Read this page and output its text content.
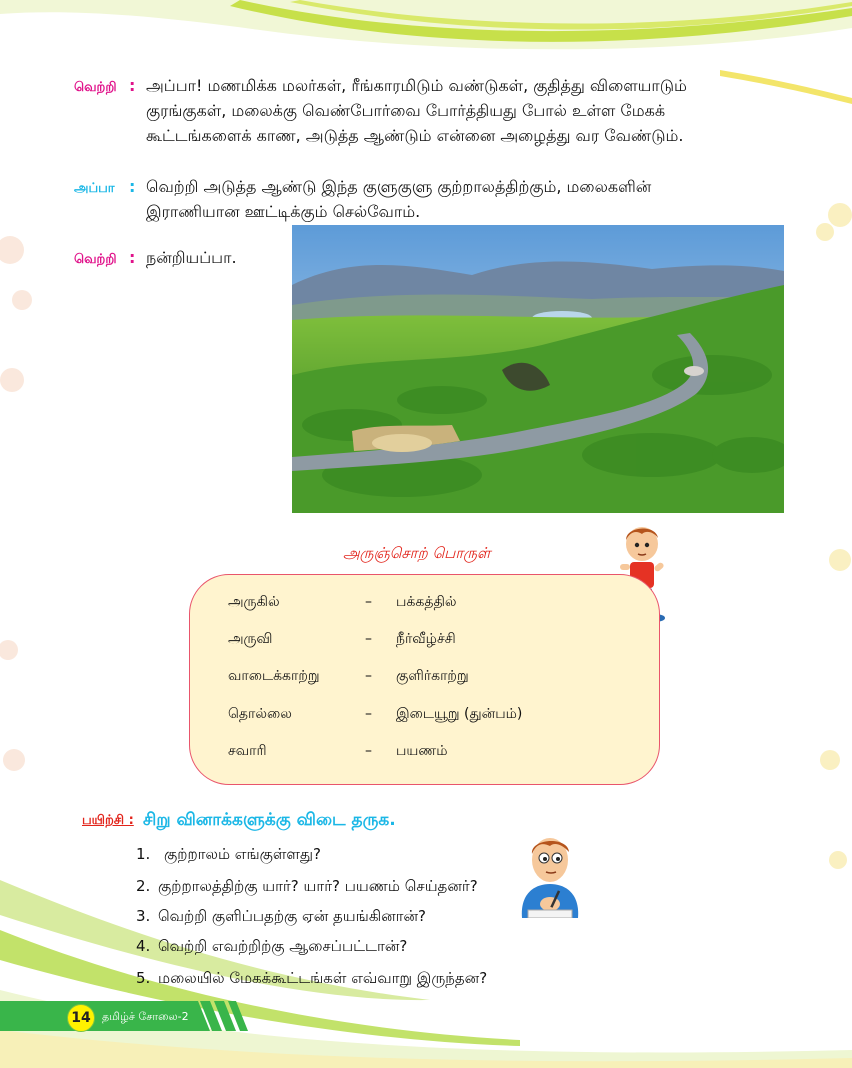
வெற்றி : அப்பா! மணமிக்க மலர்கள், ரீங்காரமிடும் வண்டுகள், குதித்து விளையாடும்
குரங்குகள், மலைக்கு வெண்போர்வை போர்த்தியது போல் உள்ள மேகக்
கூட்டங்களைக் காண, அடுத்த ஆண்டும் என்னை அழைத்து வர வேண்டும்.
அப்பா : வெற்றி அடுத்த ஆண்டு இந்த குளுகுளு குற்றாலத்திற்கும், மலைகளின்
இராணியான ஊட்டிக்கும் செல்வோம்.
வெற்றி : நன்றியப்பா.
அருஞ்சொற் பொருள்
அருகில்	– பக்கத்தில்
அருவி	– நீர்வீழ்ச்சி
வாடைக்காற்று	– குளிர்காற்று
தொல்லை	– இடையூறு (துன்பம்)
சவாரி	– பயணம்
பயிற்சி : சிறு வினாக்களுக்கு விடை தருக.
1. குற்றாலம் எங்குள்ளது?
2. குற்றாலத்திற்கு யார்? யார்? பயணம் செய்தனர்?
3. வெற்றி குளிப்பதற்கு ஏன் தயங்கினான்?
4. வெற்றி எவற்றிற்கு ஆசைப்பட்டான்?
5. மலையில் மேகக்கூட்டங்கள் எவ்வாறு இருந்தன?
14	தமிழ்ச் சோலை-2
